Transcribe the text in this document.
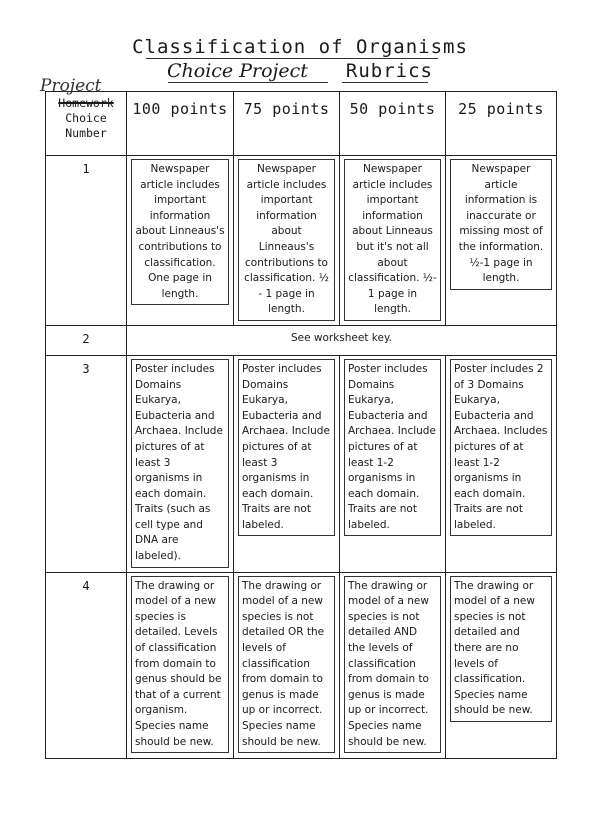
Classification of Organisms
Choice Project Rubrics
Project
Homework
Choice
Number	100 points	75 points	50 points	25 points
1	Newspaper article includes important information about Linneaus's contributions to classification. One page in length.	Newspaper article includes important information about Linneaus's contributions to classification. ½ - 1 page in length.	Newspaper article includes important information about Linneaus but it's not all about classification. ½- 1 page in length.	Newspaper article information is inaccurate or missing most of the information. ½-1 page in length.

2	See worksheet key.			
3	Poster includes Domains Eukarya, Eubacteria and Archaea. Include pictures of at least 3 organisms in each domain. Traits (such as cell type and DNA are labeled).	Poster includes Domains Eukarya, Eubacteria and Archaea. Include pictures of at least 3 organisms in each domain. Traits are not labeled.	Poster includes Domains Eukarya, Eubacteria and Archaea. Include pictures of at least 1-2 organisms in each domain. Traits are not labeled.	Poster includes 2 of 3 Domains Eukarya, Eubacteria and Archaea. Includes pictures of at least 1-2 organisms in each domain. Traits are not labeled.

4	The drawing or model of a new species is detailed. Levels of classification from domain to genus should be that of a current organism. Species name should be new.	The drawing or model of a new species is not detailed OR the levels of classification from domain to genus is made up or incorrect. Species name should be new.	The drawing or model of a new species is not detailed AND the levels of classification from domain to genus is made up or incorrect. Species name should be new.	The drawing or model of a new species is not detailed and there are no levels of classification. Species name should be new.
